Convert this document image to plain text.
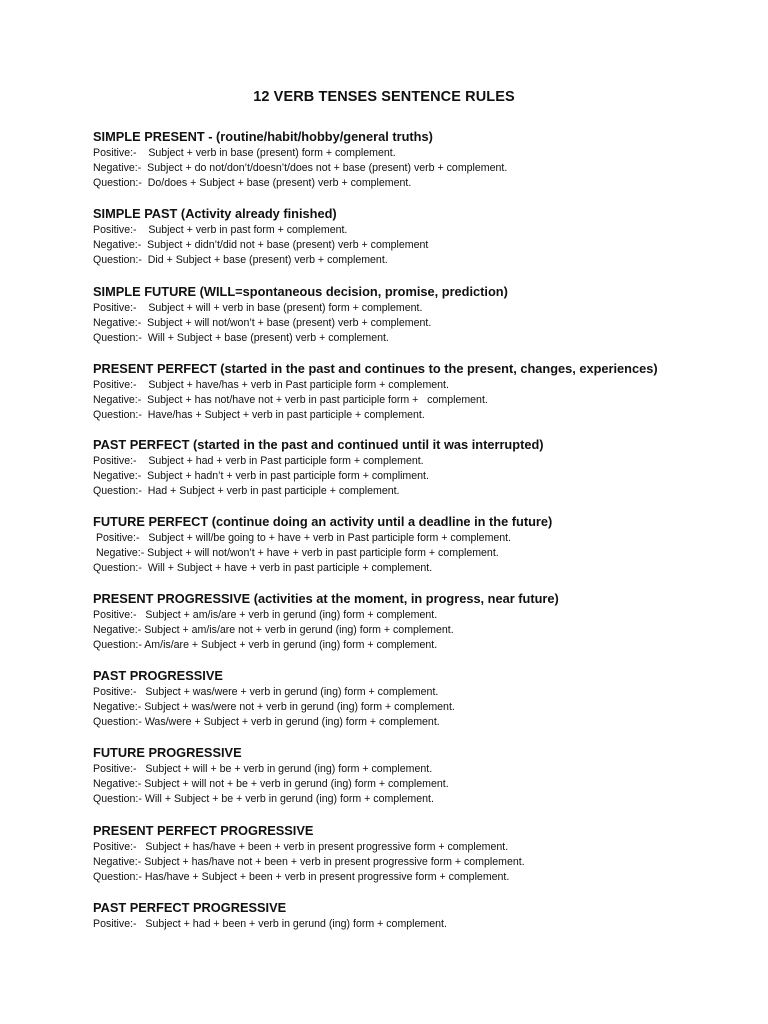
12 VERB TENSES SENTENCE RULES
SIMPLE PRESENT - (routine/habit/hobby/general truths)
Positive:-    Subject + verb in base (present) form + complement.
Negative:-  Subject + do not/don’t/doesn’t/does not + base (present) verb + complement.
Question:-  Do/does + Subject + base (present) verb + complement.
SIMPLE PAST (Activity already finished)
Positive:-    Subject + verb in past form + complement.
Negative:-  Subject + didn’t/did not + base (present) verb + complement
Question:-  Did + Subject + base (present) verb + complement.
SIMPLE FUTURE (WILL=spontaneous decision, promise, prediction)
Positive:-    Subject + will + verb in base (present) form + complement.
Negative:-  Subject + will not/won’t + base (present) verb + complement.
Question:-  Will + Subject + base (present) verb + complement.
PRESENT PERFECT (started in the past and continues to the present, changes, experiences)
Positive:-    Subject + have/has + verb in Past participle form + complement.
Negative:-  Subject + has not/have not + verb in past participle form +   complement.
Question:-  Have/has + Subject + verb in past participle + complement.
PAST PERFECT (started in the past and continued until it was interrupted)
Positive:-    Subject + had + verb in Past participle form + complement.
Negative:-  Subject + hadn’t + verb in past participle form + compliment.
Question:-  Had + Subject + verb in past participle + complement.
FUTURE PERFECT (continue doing an activity until a deadline in the future)
Positive:-   Subject + will/be going to + have + verb in Past participle form + complement.
Negative:- Subject + will not/won’t + have + verb in past participle form + complement.
Question:-  Will + Subject + have + verb in past participle + complement.
PRESENT PROGRESSIVE (activities at the moment, in progress, near future)
Positive:-   Subject + am/is/are + verb in gerund (ing) form + complement.
Negative:- Subject + am/is/are not + verb in gerund (ing) form + complement.
Question:- Am/is/are + Subject + verb in gerund (ing) form + complement.
PAST PROGRESSIVE
Positive:-   Subject + was/were + verb in gerund (ing) form + complement.
Negative:- Subject + was/were not + verb in gerund (ing) form + complement.
Question:- Was/were + Subject + verb in gerund (ing) form + complement.
FUTURE PROGRESSIVE
Positive:-   Subject + will + be + verb in gerund (ing) form + complement.
Negative:- Subject + will not + be + verb in gerund (ing) form + complement.
Question:- Will + Subject + be + verb in gerund (ing) form + complement.
PRESENT PERFECT PROGRESSIVE
Positive:-   Subject + has/have + been + verb in present progressive form + complement.
Negative:- Subject + has/have not + been + verb in present progressive form + complement.
Question:- Has/have + Subject + been + verb in present progressive form + complement.
PAST PERFECT PROGRESSIVE
Positive:-   Subject + had + been + verb in gerund (ing) form + complement.
